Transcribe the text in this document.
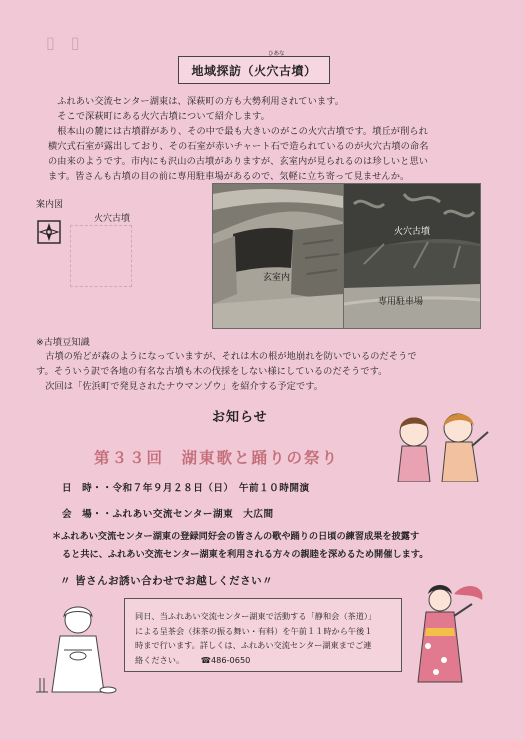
▯　▯
地域探訪 （火穴古墳）
ひあな

ふれあい交流センター湖東は、深萩町の方も大勢利用されています。

そこで深萩町にある火穴古墳について紹介します。

根本山の麓には古墳群があり、その中で最も大きいのがこの火穴古墳です。墳丘が削られ

横穴式石室が露出しており、その石室が赤いチャート石で造られているのが火穴古墳の命名

の由来のようです。市内にも沢山の古墳がありますが、玄室内が見られるのは珍しいと思い

ます。皆さんも古墳の目の前に専用駐車場があるので、気軽に立ち寄って見ませんか。

案内図
火穴古墳
玄室内
火穴古墳
専用駐車場
※古墳豆知識

古墳の殆どが森のようになっていますが、それは木の根が地崩れを防いでいるのだそうで

す。そういう訳で各地の有名な古墳も木の伐採をしない様にしているのだそうです。

次回は「佐浜町で発見されたナウマンゾウ」を紹介する予定です。

お知らせ
第３３回　湖東歌と踊りの祭り
日　時・・令和７年９月２８日（日）　午前１０時開演
会　場・・ふれあい交流センター湖東　大広間

＊ふれあい交流センター湖東の登録同好会の皆さんの歌や踊りの日頃の練習成果を披露す

ると共に、ふれあい交流センター湖東を利用される方々の親睦を深めるため開催します。

〃 皆さんお誘い合わせでお越しください〃

同日、当ふれあい交流センター湖東で活動する「静和会（茶道）」

による呈茶会（抹茶の振る舞い・有料）を午前１１時から午後１

時まで行います。詳しくは、ふれあい交流センター湖東までご連

絡ください。 ☎486-0650
